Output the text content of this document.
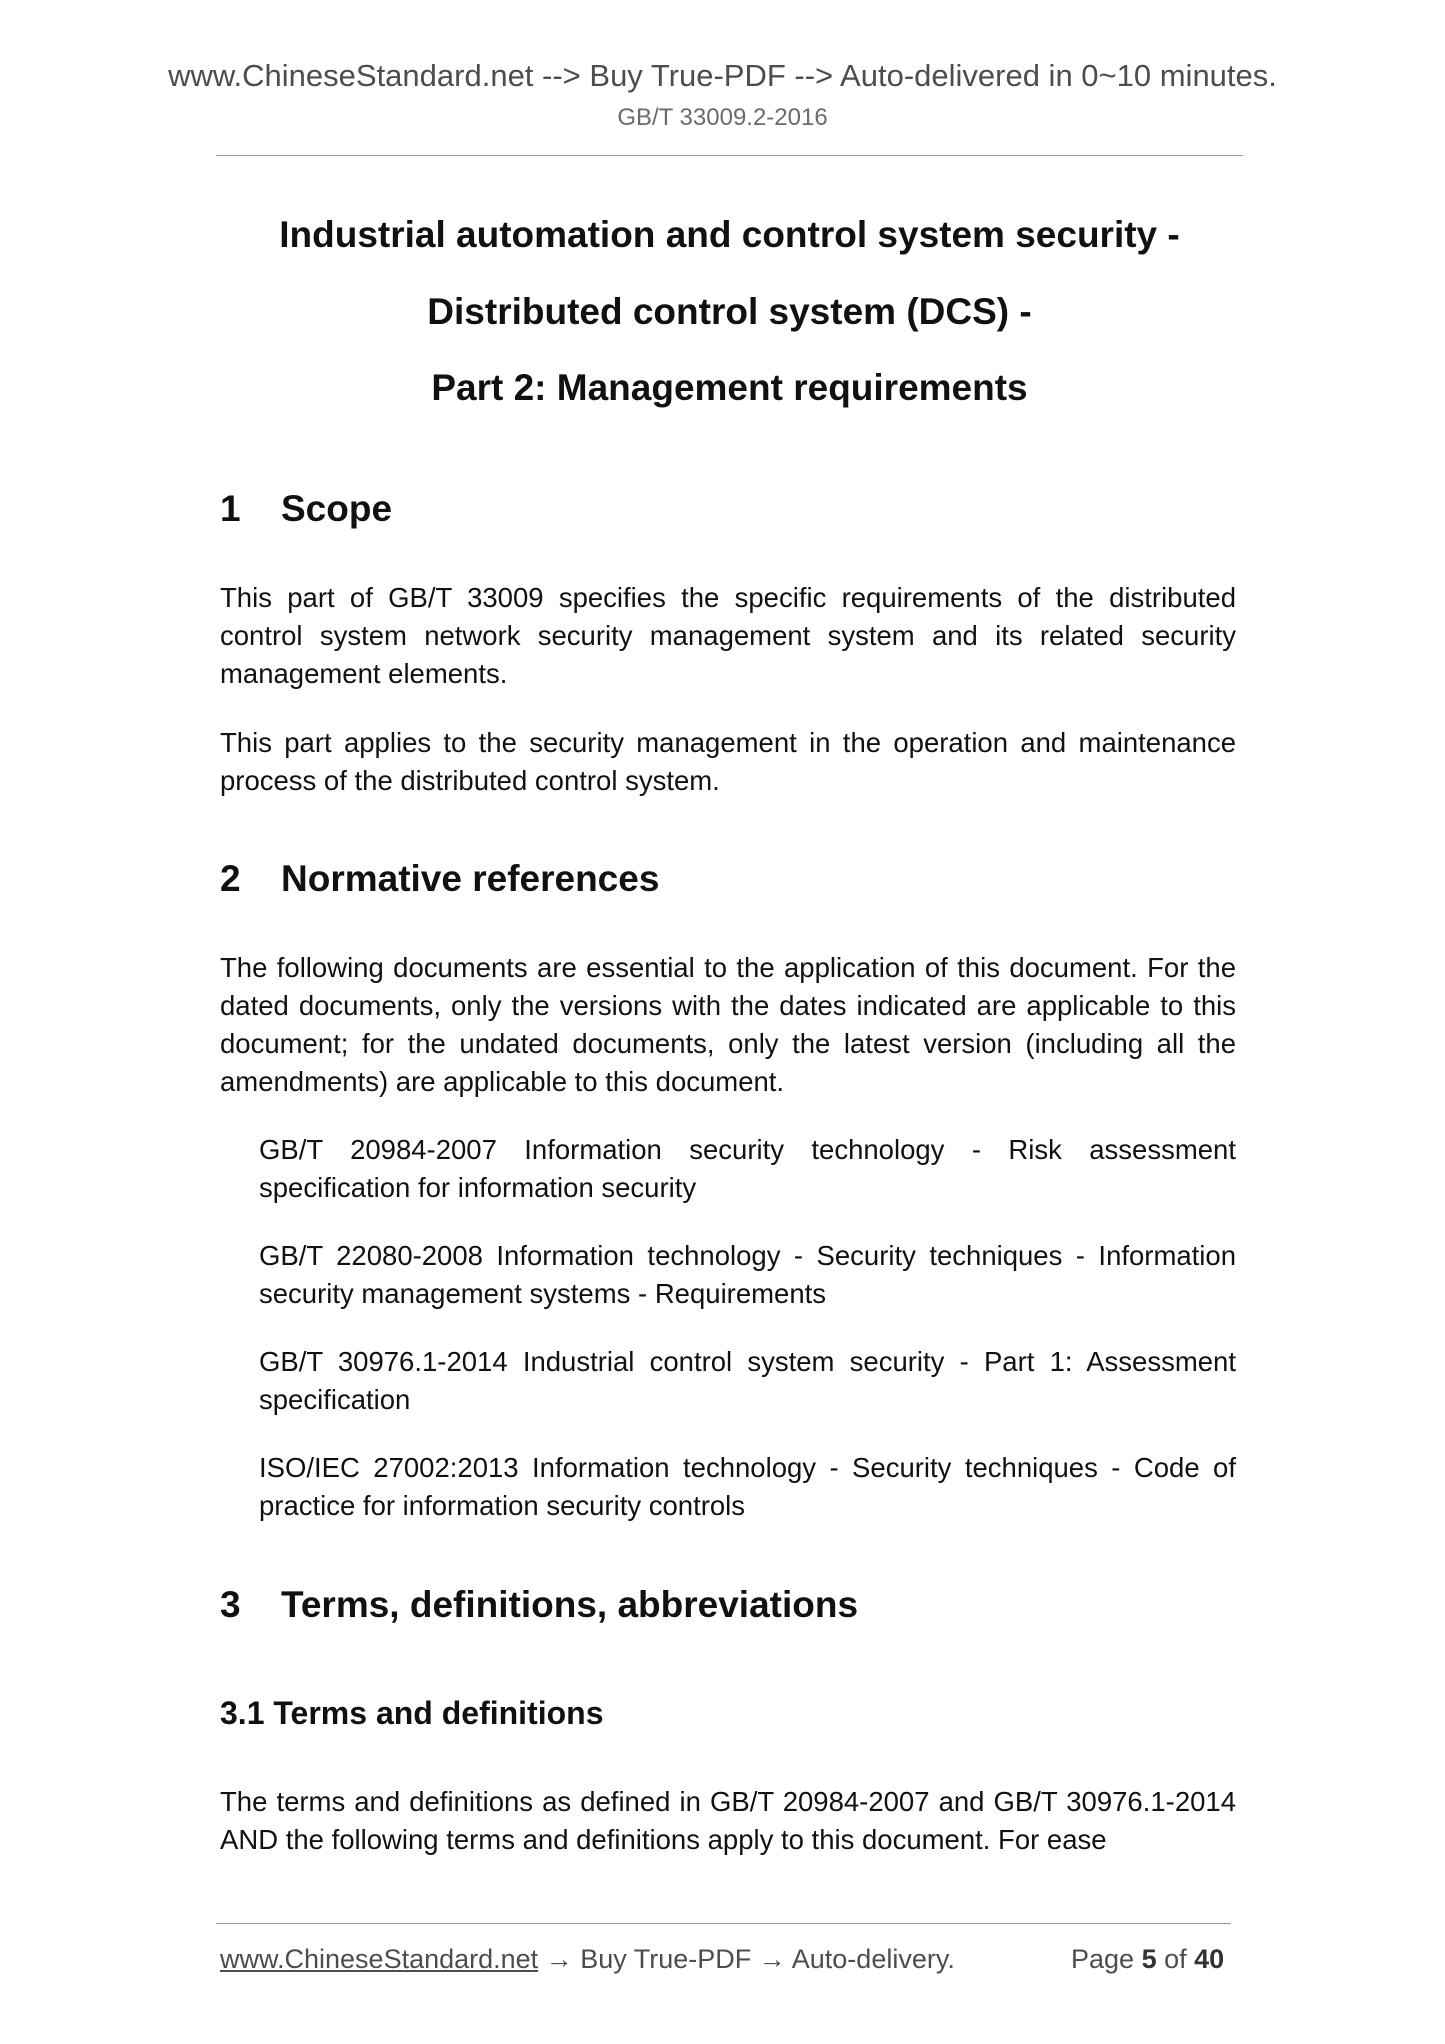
www.ChineseStandard.net --> Buy True-PDF --> Auto-delivered in 0~10 minutes.
GB/T 33009.2-2016
Industrial automation and control system security -
Distributed control system (DCS) -
Part 2: Management requirements
1 Scope
This part of GB/T 33009 specifies the specific requirements of the distributed control system network security management system and its related security management elements.
This part applies to the security management in the operation and maintenance process of the distributed control system.
2 Normative references
The following documents are essential to the application of this document. For the dated documents, only the versions with the dates indicated are applicable to this document; for the undated documents, only the latest version (including all the amendments) are applicable to this document.
GB/T 20984-2007 Information security technology - Risk assessment specification for information security
GB/T 22080-2008 Information technology - Security techniques - Information security management systems - Requirements
GB/T 30976.1-2014 Industrial control system security - Part 1: Assessment specification
ISO/IEC 27002:2013 Information technology - Security techniques - Code of practice for information security controls
3 Terms, definitions, abbreviations
3.1 Terms and definitions
The terms and definitions as defined in GB/T 20984-2007 and GB/T 30976.1-2014 AND the following terms and definitions apply to this document. For ease
www.ChineseStandard.net → Buy True-PDF → Auto-delivery.	Page 5 of 40
